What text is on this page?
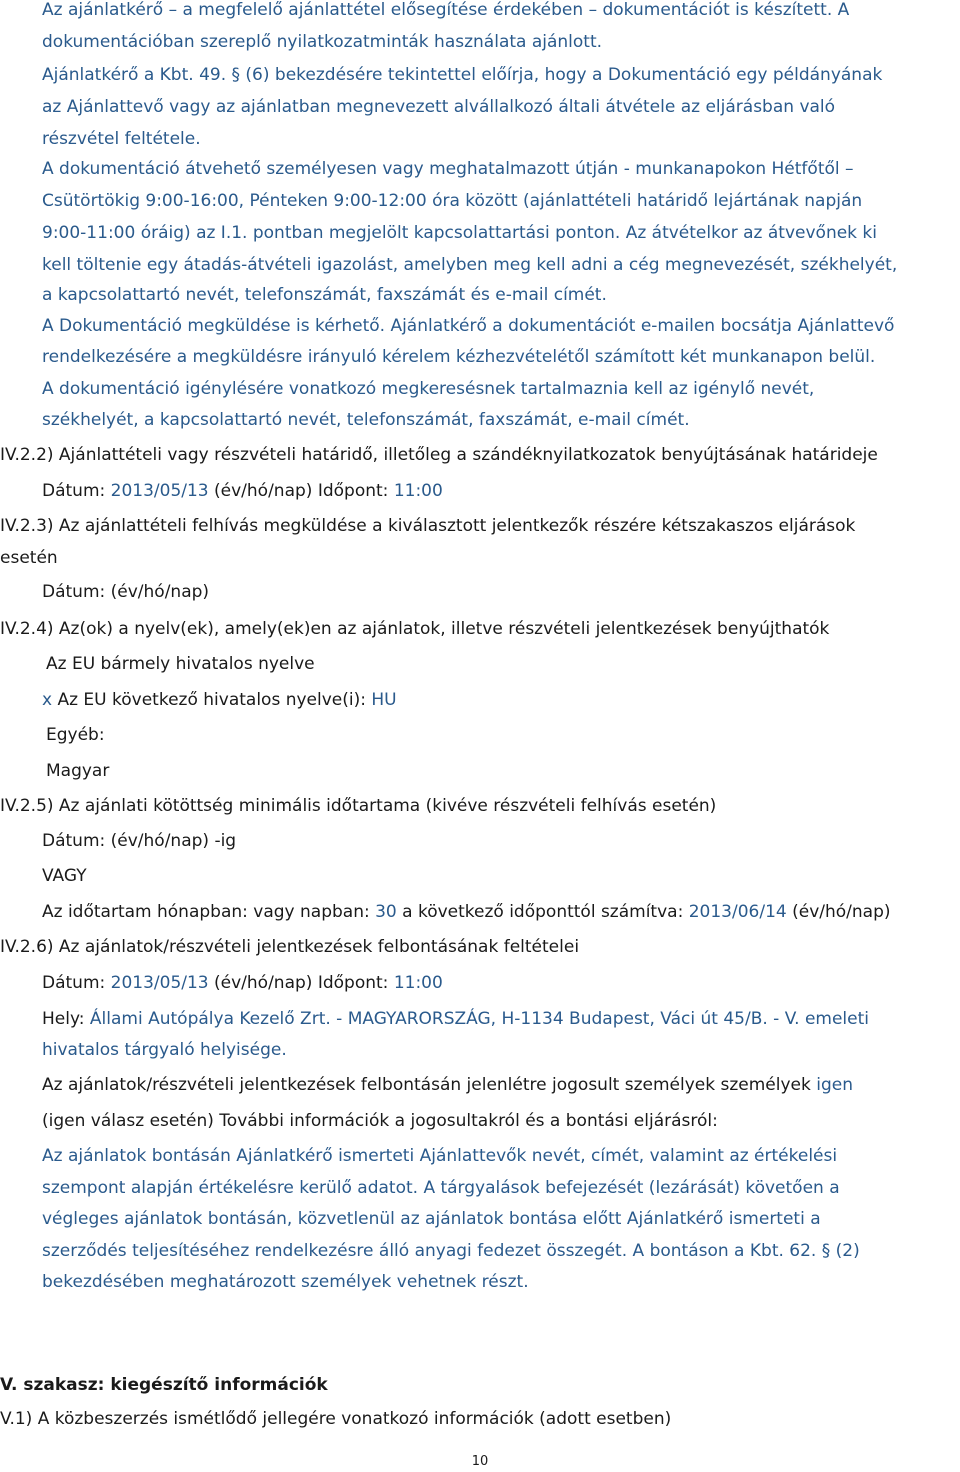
Az ajánlatkérő – a megfelelő ajánlattétel elősegítése érdekében – dokumentációt is készített. A
dokumentációban szereplő nyilatkozatminták használata ajánlott.
Ajánlatkérő a Kbt. 49. § (6) bekezdésére tekintettel előírja, hogy a Dokumentáció egy példányának
az Ajánlattevő vagy az ajánlatban megnevezett alvállalkozó általi átvétele az eljárásban való
részvétel feltétele.
A dokumentáció átvehető személyesen vagy meghatalmazott útján - munkanapokon Hétfőtől –
Csütörtökig 9:00-16:00, Pénteken 9:00-12:00 óra között (ajánlattételi határidő lejártának napján
9:00-11:00 óráig) az I.1. pontban megjelölt kapcsolattartási ponton. Az átvételkor az átvevőnek ki
kell töltenie egy átadás-átvételi igazolást, amelyben meg kell adni a cég megnevezését, székhelyét,
a kapcsolattartó nevét, telefonszámát, faxszámát és e-mail címét.
A Dokumentáció megküldése is kérhető. Ajánlatkérő a dokumentációt e-mailen bocsátja Ajánlattevő
rendelkezésére a megküldésre irányuló kérelem kézhezvételétől számított két munkanapon belül.
A dokumentáció igénylésére vonatkozó megkeresésnek tartalmaznia kell az igénylő nevét,
székhelyét, a kapcsolattartó nevét, telefonszámát, faxszámát, e-mail címét.
IV.2.2) Ajánlattételi vagy részvételi határidő, illetőleg a szándéknyilatkozatok benyújtásának határideje
Dátum: 2013/05/13 (év/hó/nap) Időpont: 11:00
IV.2.3) Az ajánlattételi felhívás megküldése a kiválasztott jelentkezők részére kétszakaszos eljárások
esetén
Dátum: (év/hó/nap)
IV.2.4) Az(ok) a nyelv(ek), amely(ek)en az ajánlatok, illetve részvételi jelentkezések benyújthatók
Az EU bármely hivatalos nyelve
x Az EU következő hivatalos nyelve(i): HU
Egyéb:
Magyar
IV.2.5) Az ajánlati kötöttség minimális időtartama (kivéve részvételi felhívás esetén)
Dátum: (év/hó/nap) -ig
VAGY
Az időtartam hónapban: vagy napban: 30 a következő időponttól számítva: 2013/06/14 (év/hó/nap)
IV.2.6) Az ajánlatok/részvételi jelentkezések felbontásának feltételei
Dátum: 2013/05/13 (év/hó/nap) Időpont: 11:00
Hely: Állami Autópálya Kezelő Zrt. - MAGYARORSZÁG, H-1134 Budapest, Váci út 45/B. - V. emeleti
hivatalos tárgyaló helyisége.
Az ajánlatok/részvételi jelentkezések felbontásán jelenlétre jogosult személyek személyek igen
(igen válasz esetén) További információk a jogosultakról és a bontási eljárásról:
Az ajánlatok bontásán Ajánlatkérő ismerteti Ajánlattevők nevét, címét, valamint az értékelési
szempont alapján értékelésre kerülő adatot. A tárgyalások befejezését (lezárását) követően a
végleges ajánlatok bontásán, közvetlenül az ajánlatok bontása előtt Ajánlatkérő ismerteti a
szerződés teljesítéséhez rendelkezésre álló anyagi fedezet összegét. A bontáson a Kbt. 62. § (2)
bekezdésében meghatározott személyek vehetnek részt.
V. szakasz: kiegészítő információk
V.1) A közbeszerzés ismétlődő jellegére vonatkozó információk (adott esetben)
10
